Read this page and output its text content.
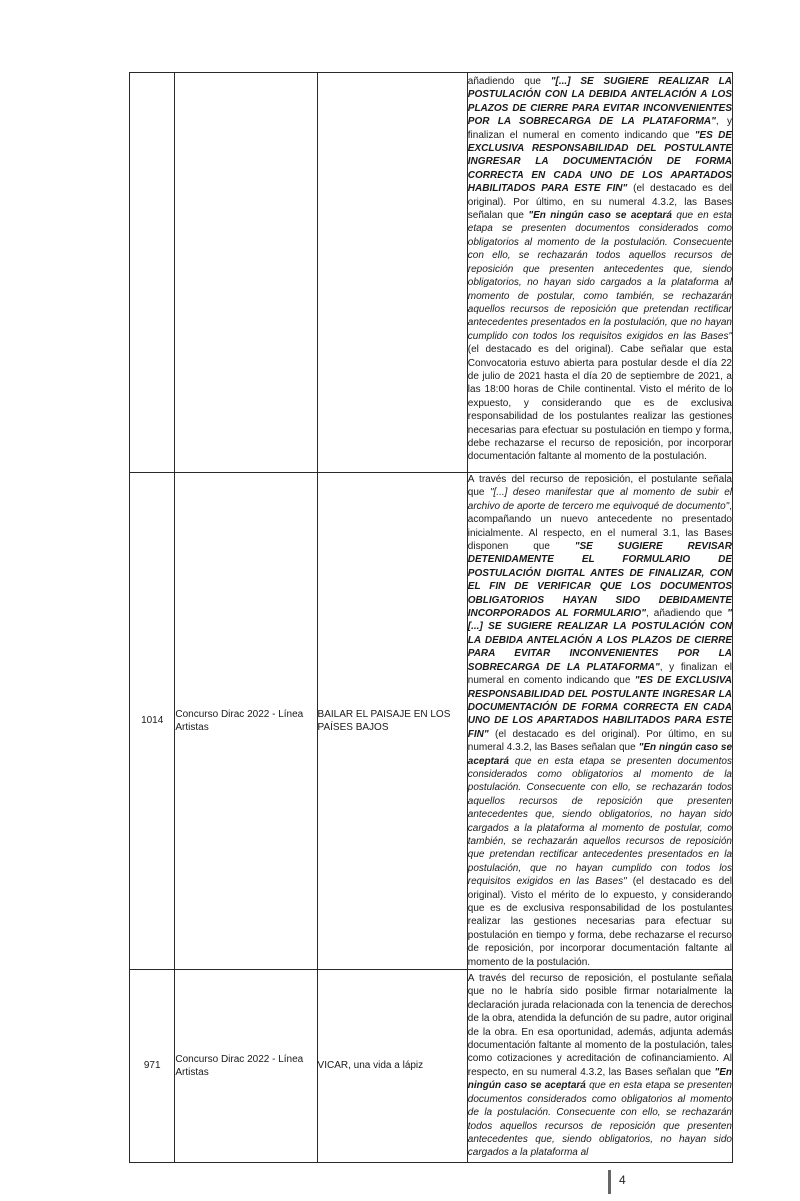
			añadiendo que "[...] SE SUGIERE REALIZAR LA POSTULACIÓN CON LA DEBIDA ANTELACIÓN A LOS PLAZOS DE CIERRE PARA EVITAR INCONVENIENTES POR LA SOBRECARGA DE LA PLATAFORMA", y finalizan el numeral en comento indicando que "ES DE EXCLUSIVA RESPONSABILIDAD DEL POSTULANTE INGRESAR LA DOCUMENTACIÓN DE FORMA CORRECTA EN CADA UNO DE LOS APARTADOS HABILITADOS PARA ESTE FIN" (el destacado es del original). Por último, en su numeral 4.3.2, las Bases señalan que "En ningún caso se aceptará que en esta etapa se presenten documentos considerados como obligatorios al momento de la postulación. Consecuente con ello, se rechazarán todos aquellos recursos de reposición que presenten antecedentes que, siendo obligatorios, no hayan sido cargados a la plataforma al momento de postular, como también, se rechazarán aquellos recursos de reposición que pretendan rectificar antecedentes presentados en la postulación, que no hayan cumplido con todos los requisitos exigidos en las Bases" (el destacado es del original). Cabe señalar que esta Convocatoria estuvo abierta para postular desde el día 22 de julio de 2021 hasta el día 20 de septiembre de 2021, a las 18:00 horas de Chile continental. Visto el mérito de lo expuesto, y considerando que es de exclusiva responsabilidad de los postulantes realizar las gestiones necesarias para efectuar su postulación en tiempo y forma, debe rechazarse el recurso de reposición, por incorporar documentación faltante al momento de la postulación.

1014	Concurso Dirac 2022 - Línea Artistas	BAILAR EL PAISAJE EN LOS PAÍSES BAJOS	A través del recurso de reposición, el postulante señala que "[...] deseo manifestar que al momento de subir el archivo de aporte de tercero me equivoqué de documento", acompañando un nuevo antecedente no presentado inicialmente. Al respecto, en el numeral 3.1, las Bases disponen que "SE SUGIERE REVISAR DETENIDAMENTE EL FORMULARIO DE POSTULACIÓN DIGITAL ANTES DE FINALIZAR, CON EL FIN DE VERIFICAR QUE LOS DOCUMENTOS OBLIGATORIOS HAYAN SIDO DEBIDAMENTE INCORPORADOS AL FORMULARIO", añadiendo que "[...] SE SUGIERE REALIZAR LA POSTULACIÓN CON LA DEBIDA ANTELACIÓN A LOS PLAZOS DE CIERRE PARA EVITAR INCONVENIENTES POR LA SOBRECARGA DE LA PLATAFORMA", y finalizan el numeral en comento indicando que "ES DE EXCLUSIVA RESPONSABILIDAD DEL POSTULANTE INGRESAR LA DOCUMENTACIÓN DE FORMA CORRECTA EN CADA UNO DE LOS APARTADOS HABILITADOS PARA ESTE FIN" (el destacado es del original). Por último, en su numeral 4.3.2, las Bases señalan que "En ningún caso se aceptará que en esta etapa se presenten documentos considerados como obligatorios al momento de la postulación. Consecuente con ello, se rechazarán todos aquellos recursos de reposición que presenten antecedentes que, siendo obligatorios, no hayan sido cargados a la plataforma al momento de postular, como también, se rechazarán aquellos recursos de reposición que pretendan rectificar antecedentes presentados en la postulación, que no hayan cumplido con todos los requisitos exigidos en las Bases" (el destacado es del original). Visto el mérito de lo expuesto, y considerando que es de exclusiva responsabilidad de los postulantes realizar las gestiones necesarias para efectuar su postulación en tiempo y forma, debe rechazarse el recurso de reposición, por incorporar documentación faltante al momento de la postulación.

971	Concurso Dirac 2022 - Línea Artistas	VICAR, una vida a lápiz	A través del recurso de reposición, el postulante señala que no le habría sido posible firmar notarialmente la declaración jurada relacionada con la tenencia de derechos de la obra, atendida la defunción de su padre, autor original de la obra. En esa oportunidad, además, adjunta además documentación faltante al momento de la postulación, tales como cotizaciones y acreditación de cofinanciamiento. Al respecto, en su numeral 4.3.2, las Bases señalan que "En ningún caso se aceptará que en esta etapa se presenten documentos considerados como obligatorios al momento de la postulación. Consecuente con ello, se rechazarán todos aquellos recursos de reposición que presenten antecedentes que, siendo obligatorios, no hayan sido cargados a la plataforma al

4
